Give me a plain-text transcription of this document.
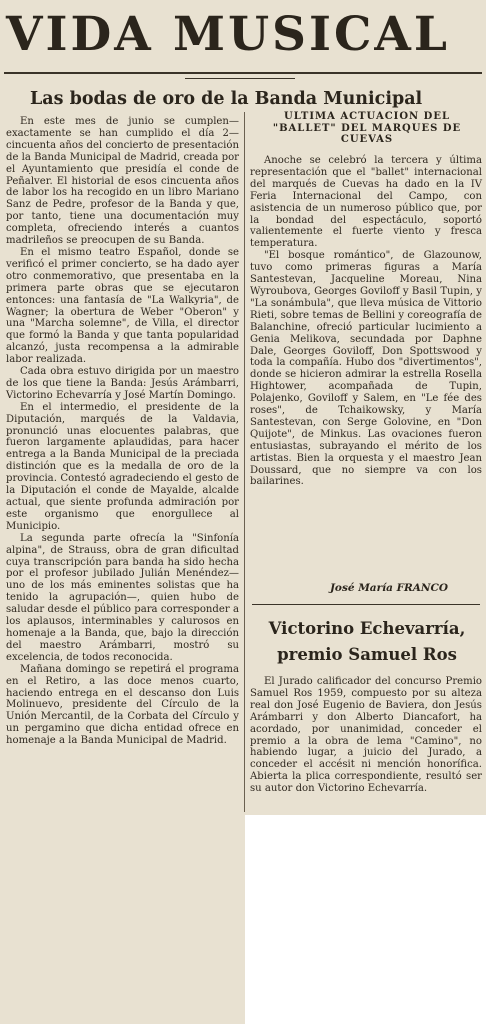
VIDA MUSICAL
Las bodas de oro de la Banda Municipal

En este mes de junio se cumplen—exactamente se han cumplido el día 2—cincuenta años del concierto de presentación de la Banda Municipal de Madrid, creada por el Ayuntamiento que presidía el conde de Peñalver. El historial de esos cincuenta años de labor los ha recogido en un libro Mariano Sanz de Pedre, profesor de la Banda y que, por tanto, tiene una documentación muy completa, ofreciendo interés a cuantos madrileños se preocupen de su Banda.

En el mismo teatro Español, donde se verificó el primer concierto, se ha dado ayer otro conmemorativo, que presentaba en la primera parte obras que se ejecutaron entonces: una fantasía de "La Walkyria", de Wagner; la obertura de Weber "Oberon" y una "Marcha solemne", de Villa, el director que formó la Banda y que tanta popularidad alcanzó, justa recompensa a la admirable labor realizada.

Cada obra estuvo dirigida por un maestro de los que tiene la Banda: Jesús Arámbarri, Victorino Echevarría y José Martín Domingo.

En el intermedio, el presidente de la Diputación, marqués de la Valdavia, pronunció unas elocuentes palabras, que fueron largamente aplaudidas, para hacer entrega a la Banda Municipal de la preciada distinción que es la medalla de oro de la provincia. Contestó agradeciendo el gesto de la Diputación el conde de Mayalde, alcalde actual, que siente profunda admiración por este organismo que enorgullece al Municipio.

La segunda parte ofrecía la "Sinfonía alpina", de Strauss, obra de gran dificultad cuya transcripción para banda ha sido hecha por el profesor jubilado Julián Menéndez—uno de los más eminentes solistas que ha tenido la agrupación—, quien hubo de saludar desde el público para corresponder a los aplausos, interminables y calurosos en homenaje a la Banda, que, bajo la dirección del maestro Arámbarri, mostró su excelencia, de todos reconocida.

Mañana domingo se repetirá el programa en el Retiro, a las doce menos cuarto, haciendo entrega en el descanso don Luis Molinuevo, presidente del Círculo de la Unión Mercantil, de la Corbata del Círculo y un pergamino que dicha entidad ofrece en homenaje a la Banda Municipal de Madrid.

ULTIMA ACTUACION DEL "BALLET" DEL MARQUES DE CUEVAS

Anoche se celebró la tercera y última representación que el "ballet" internacional del marqués de Cuevas ha dado en la IV Feria Internacional del Campo, con asistencia de un numeroso público que, por la bondad del espectáculo, soportó valientemente el fuerte viento y fresca temperatura.

"El bosque romántico", de Glazounow, tuvo como primeras figuras a María Santestevan, Jacqueline Moreau, Nina Wyroubova, Georges Goviloff y Basil Tupin, y "La sonámbula", que lleva música de Vittorio Rieti, sobre temas de Bellini y coreografía de Balanchine, ofreció particular lucimiento a Genia Melikova, secundada por Daphne Dale, Georges Goviloff, Don Spottswood y toda la compañía. Hubo dos "divertimentos", donde se hicieron admirar la estrella Rosella Hightower, acompañada de Tupin, Polajenko, Goviloff y Salem, en "Le fée des roses", de Tchaikowsky, y María Santestevan, con Serge Golovine, en "Don Quijote", de Minkus. Las ovaciones fueron entusiastas, subrayando el mérito de los artistas. Bien la orquesta y el maestro Jean Doussard, que no siempre va con los bailarines.

José María FRANCO
Victorino Echevarría, premio Samuel Ros

El Jurado calificador del concurso Premio Samuel Ros 1959, compuesto por su alteza real don José Eugenio de Baviera, don Jesús Arámbarri y don Alberto Diancafort, ha acordado, por unanimidad, conceder el premio a la obra de lema "Camino", no habiendo lugar, a juicio del Jurado, a conceder el accésit ni mención honorífica. Abierta la plica correspondiente, resultó ser su autor don Victorino Echevarría.
